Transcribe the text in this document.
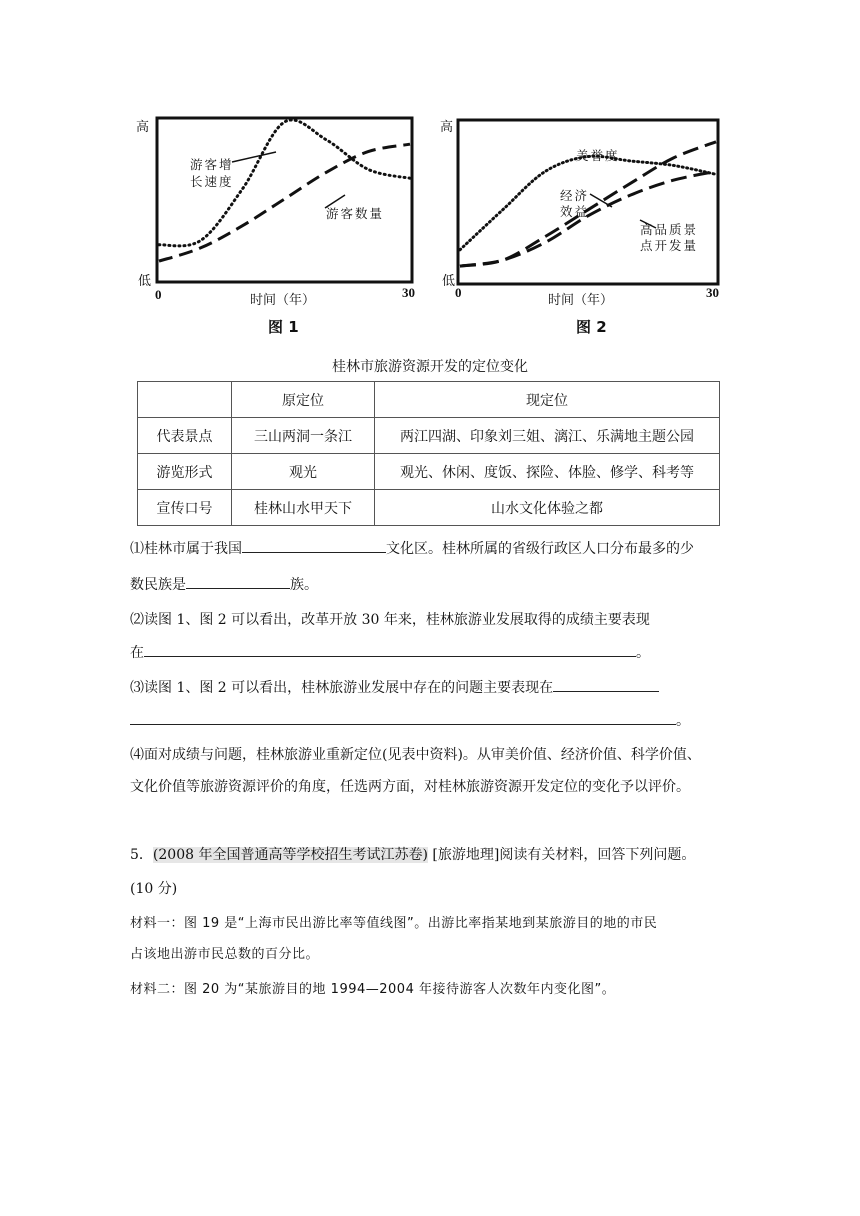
高
低
游客增
长速度
游客数量
0	30
时间（年）
图 1
高
低
美誉度
经济
效益
高品质景
点开发量
0	30
时间（年）
图 2
桂林市旅游资源开发的定位变化
	原定位	现定位
代表景点	三山两洞一条江	两江四湖、印象刘三姐、漓江、乐满地主题公园
游览形式	观光	观光、休闲、度饭、探险、体脸、修学、科考等
宣传口号	桂林山水甲天下	山水文化体验之都
⑴桂林市属于我国	文化区。桂林所属的省级行政区人口分布最多的少
数民族是	族。
⑵读图 1、图 2 可以看出，改革开放 30 年来，桂林旅游业发展取得的成绩主要表现
在	。
⑶读图 1、图 2 可以看出，桂林旅游业发展中存在的问题主要表现在
。
⑷面对成绩与问题，桂林旅游业重新定位(见表中资料)。从审美价值、经济价值、科学价值、
文化价值等旅游资源评价的角度，任选两方面，对桂林旅游资源开发定位的变化予以评价。
5．(2008 年全国普通高等学校招生考试江苏卷) [旅游地理]阅读有关材料，回答下列问题。
(10 分)
材料一：图 19 是“上海市民出游比率等值线图”。出游比率指某地到某旅游目的地的市民
占该地出游市民总数的百分比。
材料二：图 20 为“某旅游目的地 1994—2004 年接待游客人次数年内变化图”。
